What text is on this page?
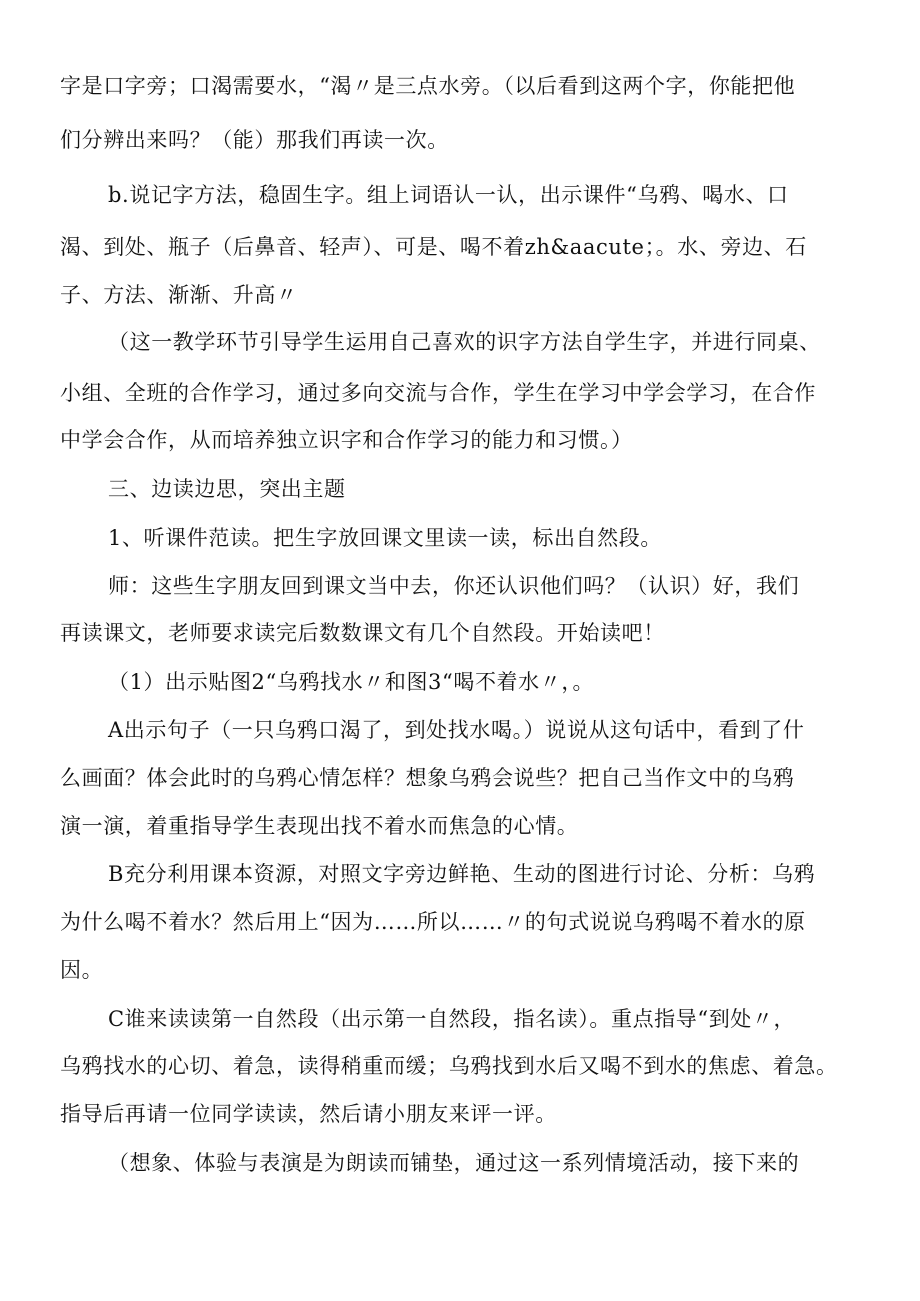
字是口字旁；口渴需要水，“渴〃是三点水旁。（以后看到这两个字，你能把他

们分辨出来吗？（能）那我们再读一次。

b.说记字方法，稳固生字。组上词语认一认，出示课件“乌鸦、喝水、口

渴、到处、瓶子（后鼻音、轻声）、可是、喝不着zh&aacute；。水、旁边、石

子、方法、渐渐、升高〃

（这一教学环节引导学生运用自己喜欢的识字方法自学生字，并进行同桌、

小组、全班的合作学习，通过多向交流与合作，学生在学习中学会学习，在合作

中学会合作，从而培养独立识字和合作学习的能力和习惯。）

三、边读边思，突出主题

1、听课件范读。把生字放回课文里读一读，标出自然段。

师：这些生字朋友回到课文当中去，你还认识他们吗？（认识）好，我们

再读课文，老师要求读完后数数课文有几个自然段。开始读吧！

（1）出示贴图2“乌鸦找水〃和图3“喝不着水〃，。

A出示句子（一只乌鸦口渴了，到处找水喝。）说说从这句话中，看到了什

么画面？体会此时的乌鸦心情怎样？想象乌鸦会说些？把自己当作文中的乌鸦

演一演，着重指导学生表现出找不着水而焦急的心情。

B充分利用课本资源，对照文字旁边鲜艳、生动的图进行讨论、分析：乌鸦

为什么喝不着水？然后用上“因为……所以……〃的句式说说乌鸦喝不着水的原

因。

C谁来读读第一自然段（出示第一自然段，指名读）。重点指导“到处〃，

乌鸦找水的心切、着急，读得稍重而缓；乌鸦找到水后又喝不到水的焦虑、着急。

指导后再请一位同学读读，然后请小朋友来评一评。

（想象、体验与表演是为朗读而铺垫，通过这一系列情境活动，接下来的
